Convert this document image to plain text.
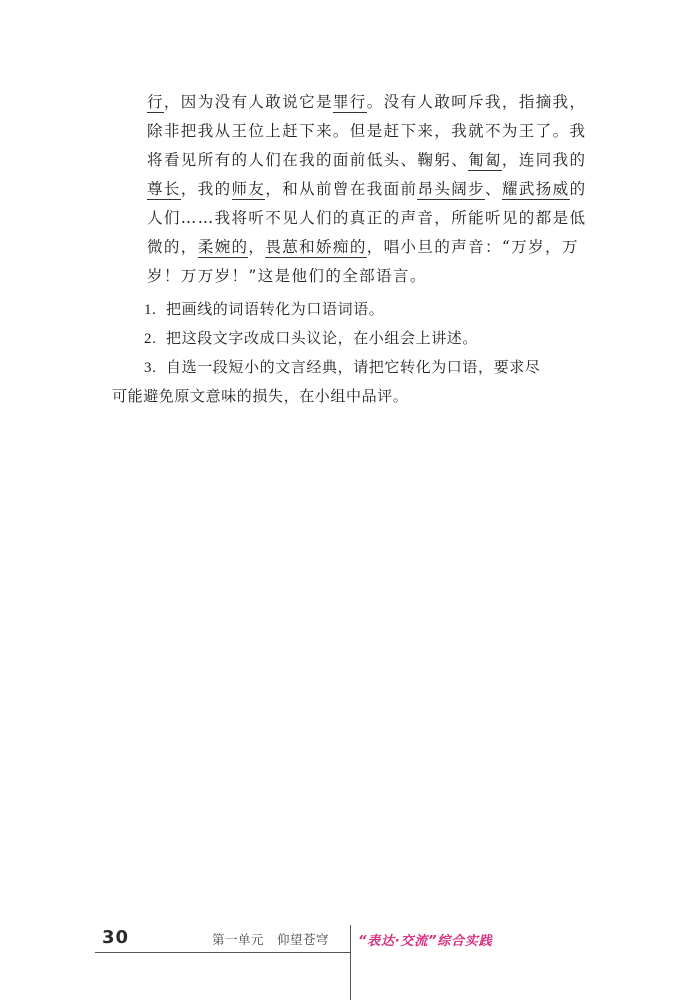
行，因为没有人敢说它是罪行。没有人敢呵斥我，指摘我，
除非把我从王位上赶下来。但是赶下来，我就不为王了。我
将看见所有的人们在我的面前低头、鞠躬、匍匐，连同我的
尊长，我的师友，和从前曾在我面前昂头阔步、耀武扬威的
人们……我将听不见人们的真正的声音，所能听见的都是低
微的，柔婉的，畏葸和娇痴的，唱小旦的声音：“万岁，万
岁！万万岁！”这是他们的全部语言。
1. 把画线的词语转化为口语词语。
2. 把这段文字改成口头议论，在小组会上讲述。
3. 自选一段短小的文言经典，请把它转化为口语，要求尽
可能避免原文意味的损失，在小组中品评。
30	第一单元　仰望苍穹 “表达·交流”综合实践
